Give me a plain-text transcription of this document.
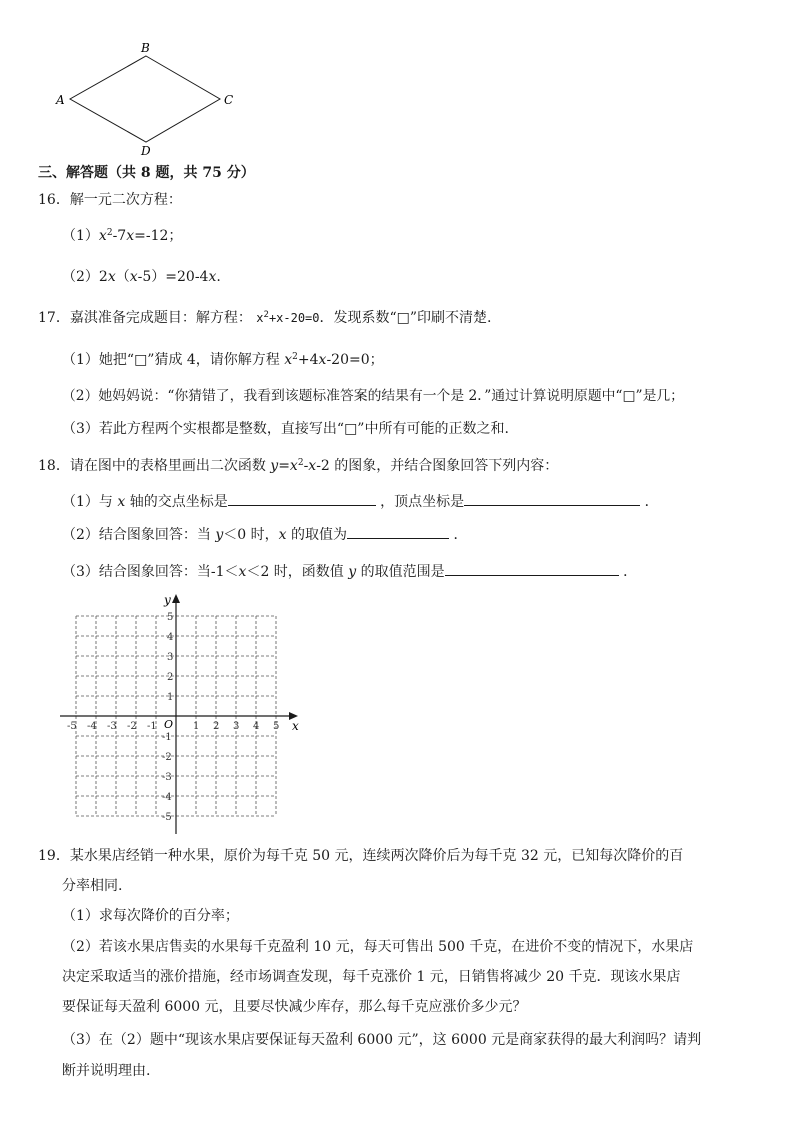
B
A	C
D
三、解答题（共 8 题，共 75 分）
16．解一元二次方程：
$(1)x^2-7x=-12$；
（2）2x（x-5）=20-4x.
17．嘉淇准备完成题目：解方程： $x^2+x-20=0$．发现系数“□”印刷不清楚.
（1）她把“□”猜成 4，请你解方程 $x^2+4x-20=0$；
（2）她妈妈说：“你猜错了，我看到该题标准答案的结果有一个是 2．”通过计算说明原题中“□”是几；
（3）若此方程两个实根都是整数，直接写出“□”中所有可能的正数之和.
18．请在图中的表格里画出二次函数 $y=x^2-x-2$ 的图象，并结合图象回答下列内容：
（1）与 x 轴的交点坐标是	，顶点坐标是	．
（2）结合图象回答：当 y＜0 时，x 的取值为	．
（3）结合图象回答：当-1＜x＜2 时，函数值 y 的取值范围是	．
x
y
O
-5 -4 -3 -2 -1	1 2 3 4 5
5
4
3
2
1
-1
-2
-3
-4
-5
19．某水果店经销一种水果，原价为每千克 50 元，连续两次降价后为每千克 32 元，已知每次降价的百
分率相同.
（1）求每次降价的百分率；
（2）若该水果店售卖的水果每千克盈利 10 元，每天可售出 500 千克，在进价不变的情况下，水果店
决定采取适当的涨价措施，经市场调查发现，每千克涨价 1 元，日销售将减少 20 千克．现该水果店
要保证每天盈利 6000 元，且要尽快减少库存，那么每千克应涨价多少元？
（3）在（2）题中“现该水果店要保证每天盈利 6000 元”，这 6000 元是商家获得的最大利润吗？请判
断并说明理由.
